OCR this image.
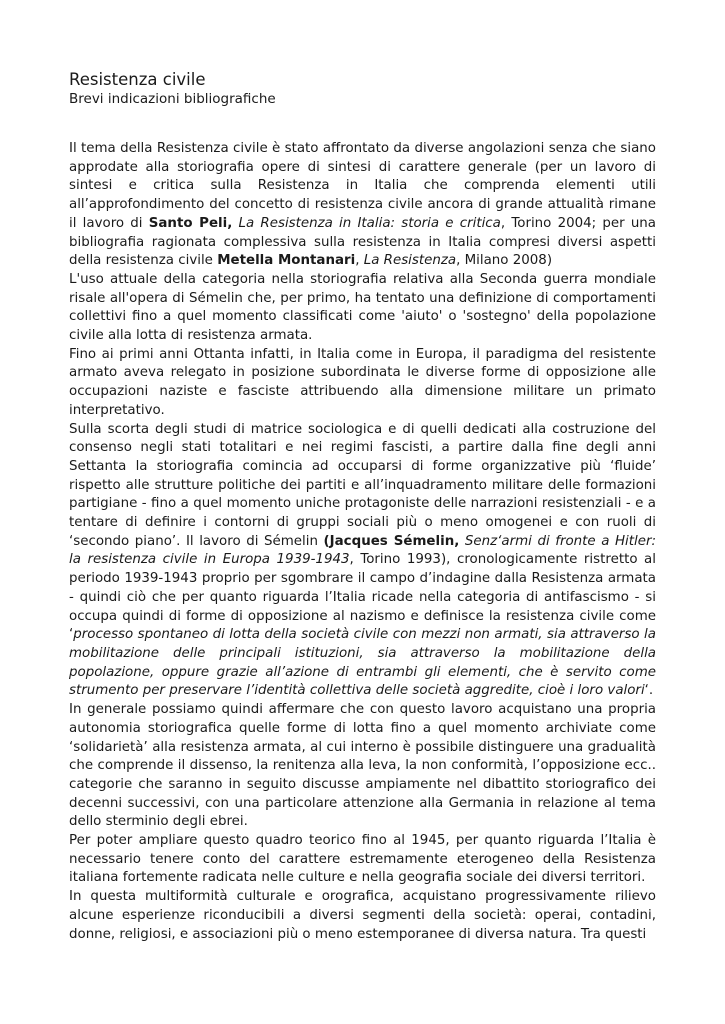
Resistenza civile
Brevi indicazioni bibliografiche

Il tema della Resistenza civile è stato affrontato da diverse angolazioni senza che siano approdate alla storiografia opere di sintesi di carattere generale (per un lavoro di sintesi e critica sulla Resistenza in Italia che comprenda elementi utili all’approfondimento del concetto di resistenza civile ancora di grande attualità rimane il lavoro di Santo Peli, La Resistenza in Italia: storia e critica, Torino 2004; per una bibliografia ragionata complessiva sulla resistenza in Italia compresi diversi aspetti della resistenza civile Metella Montanari, La Resistenza, Milano 2008)

L'uso attuale della categoria nella storiografia relativa alla Seconda guerra mondiale risale all'opera di Sémelin che, per primo, ha tentato una definizione di comportamenti collettivi fino a quel momento classificati come 'aiuto' o 'sostegno' della popolazione civile alla lotta di resistenza armata.

Fino ai primi anni Ottanta infatti, in Italia come in Europa, il paradigma del resistente armato aveva relegato in posizione subordinata le diverse forme di opposizione alle occupazioni naziste e fasciste attribuendo alla dimensione militare un primato interpretativo.

Sulla scorta degli studi di matrice sociologica e di quelli dedicati alla costruzione del consenso negli stati totalitari e nei regimi fascisti, a partire dalla fine degli anni Settanta la storiografia comincia ad occuparsi di forme organizzative più ‘fluide’ rispetto alle strutture politiche dei partiti e all’inquadramento militare delle formazioni partigiane - fino a quel momento uniche protagoniste delle narrazioni resistenziali - e a tentare di definire i contorni di gruppi sociali più o meno omogenei e con ruoli di ‘secondo piano’. Il lavoro di Sémelin (Jacques Sémelin, Senz‘armi di fronte a Hitler: la resistenza civile in Europa 1939-1943, Torino 1993), cronologicamente ristretto al periodo 1939-1943 proprio per sgombrare il campo d’indagine dalla Resistenza armata - quindi ciò che per quanto riguarda l’Italia ricade nella categoria di antifascismo - si occupa quindi di forme di opposizione al nazismo e definisce la resistenza civile come ‘processo spontaneo di lotta della società civile con mezzi non armati, sia attraverso la mobilitazione delle principali istituzioni, sia attraverso la mobilitazione della popolazione, oppure grazie all’azione di entrambi gli elementi, che è servito come strumento per preservare l’identità collettiva delle società aggredite, cioè i loro valori‘.

In generale possiamo quindi affermare che con questo lavoro acquistano una propria autonomia storiografica quelle forme di lotta fino a quel momento archiviate come ‘solidarietà’ alla resistenza armata, al cui interno è possibile distinguere una gradualità che comprende il dissenso, la renitenza alla leva, la non conformità, l’opposizione ecc.. categorie che saranno in seguito discusse ampiamente nel dibattito storiografico dei decenni successivi, con una particolare attenzione alla Germania in relazione al tema dello sterminio degli ebrei.

Per poter ampliare questo quadro teorico fino al 1945, per quanto riguarda l’Italia è necessario tenere conto del carattere estremamente eterogeneo della Resistenza italiana fortemente radicata nelle culture e nella geografia sociale dei diversi territori.

In questa multiformità culturale e orografica, acquistano progressivamente rilievo alcune esperienze riconducibili a diversi segmenti della società: operai, contadini, donne, religiosi, e associazioni più o meno estemporanee di diversa natura. Tra questi
